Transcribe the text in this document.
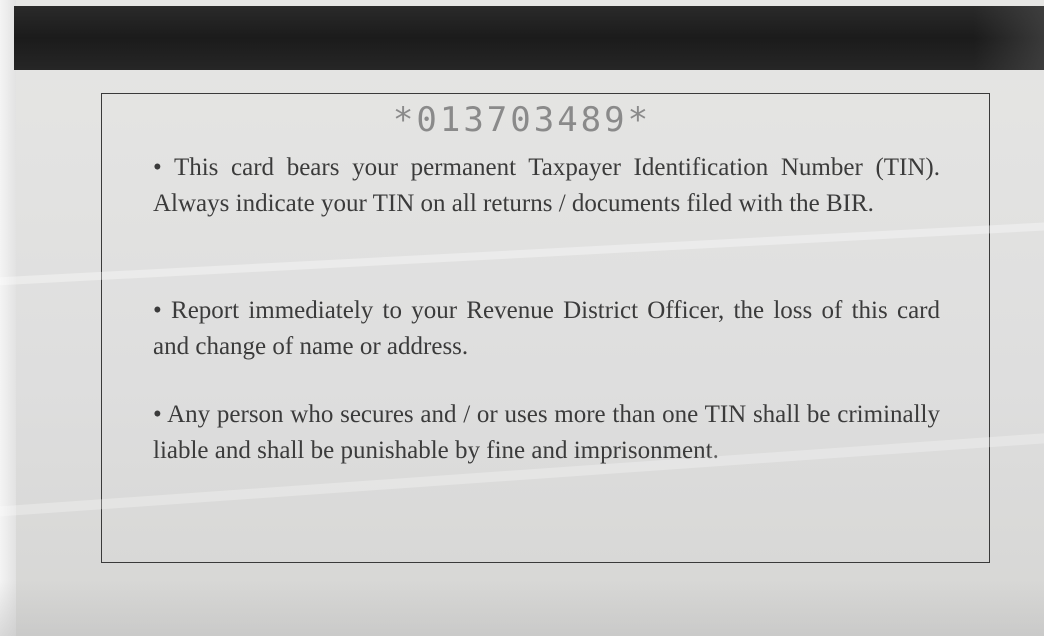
*013703489*

• This card bears your permanent Taxpayer Identification Number (TIN). Always indicate your TIN on all returns / documents filed with the BIR.

• Report immediately to your Revenue District Officer, the loss of this card and change of name or address.

• Any person who secures and / or uses more than one TIN shall be criminally liable and shall be punishable by fine and imprisonment.
